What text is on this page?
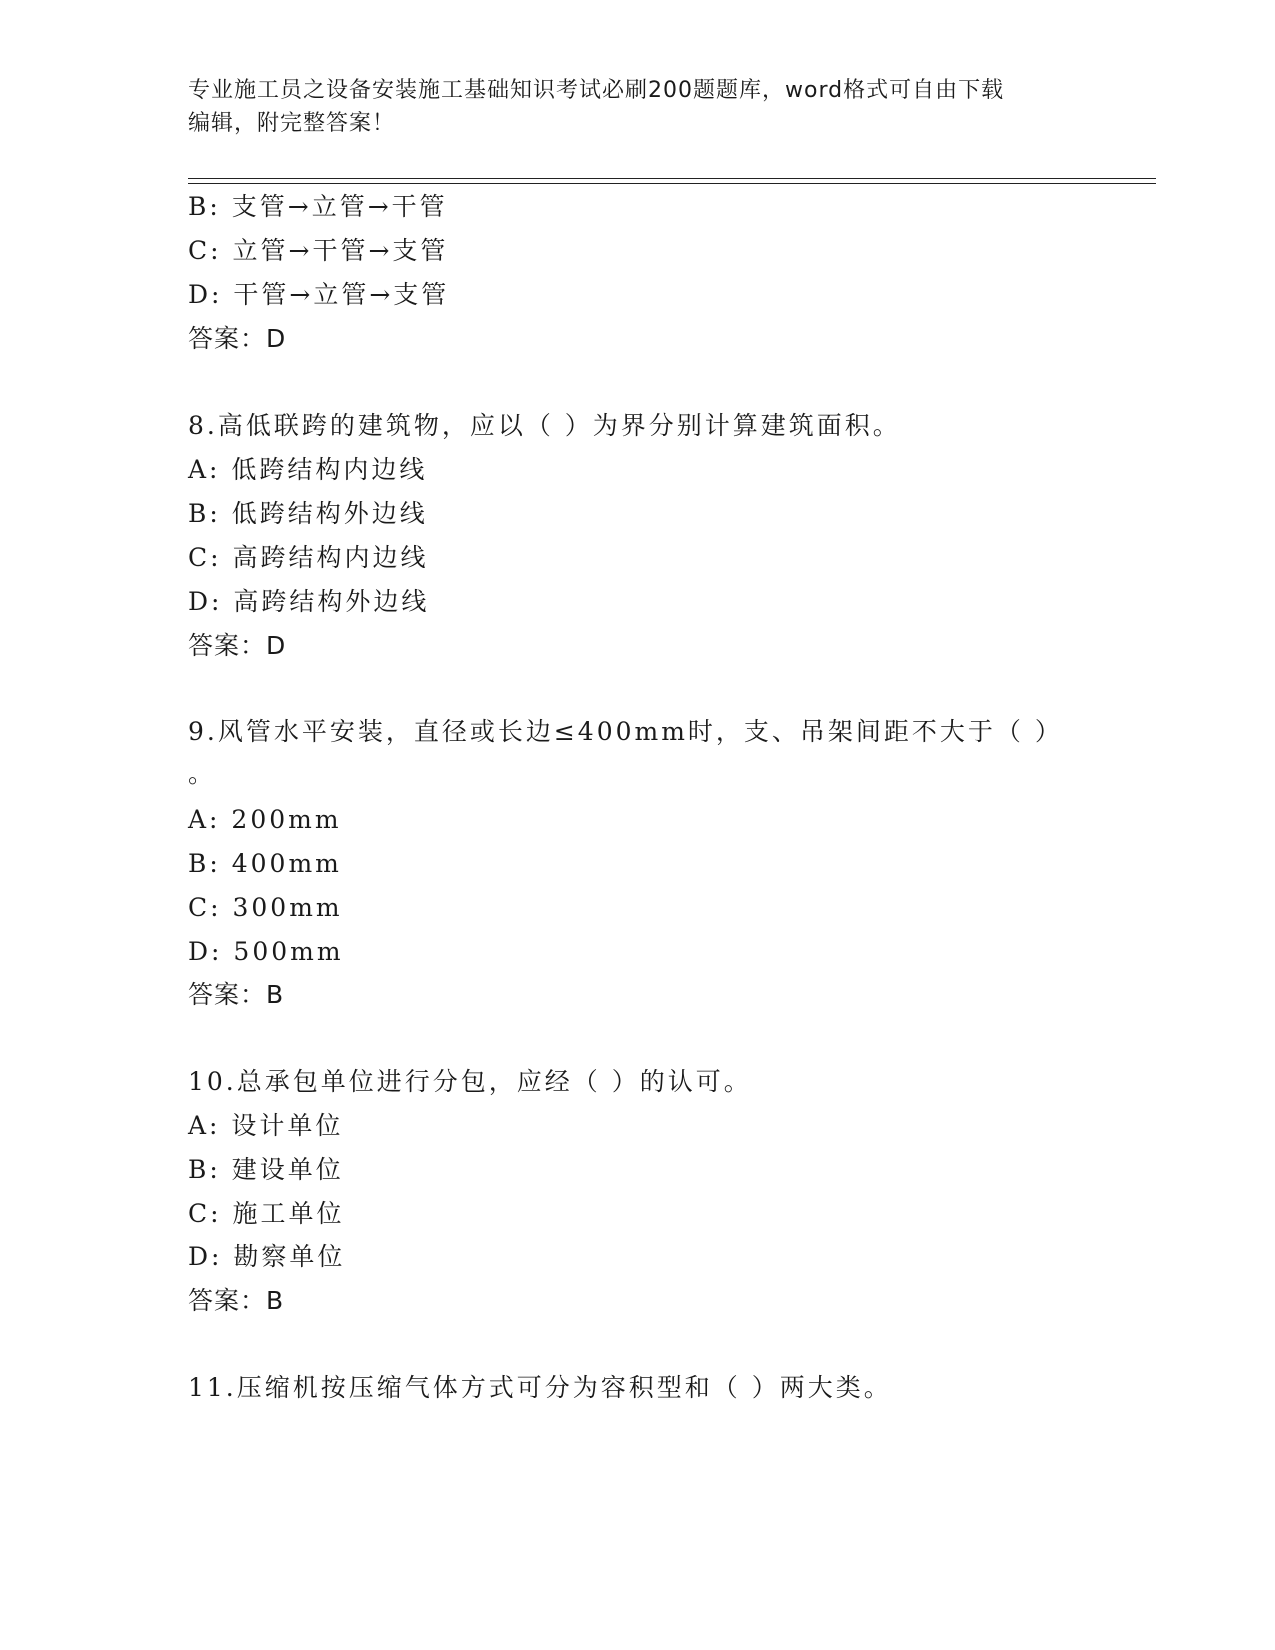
专业施工员之设备安装施工基础知识考试必刷200题题库，word格式可自由下载
编辑，附完整答案！
B: 支管→立管→干管
C: 立管→干管→支管
D: 干管→立管→支管
答案：D
8.高低联跨的建筑物，应以（ ）为界分别计算建筑面积。
A: 低跨结构内边线
B: 低跨结构外边线
C: 高跨结构内边线
D: 高跨结构外边线
答案：D
9.风管水平安装，直径或长边≤400mm时，支、吊架间距不大于（ ）
。
A: 200mm
B: 400mm
C: 300mm
D: 500mm
答案：B
10.总承包单位进行分包，应经（ ）的认可。
A: 设计单位
B: 建设单位
C: 施工单位
D: 勘察单位
答案：B
11.压缩机按压缩气体方式可分为容积型和（ ）两大类。
